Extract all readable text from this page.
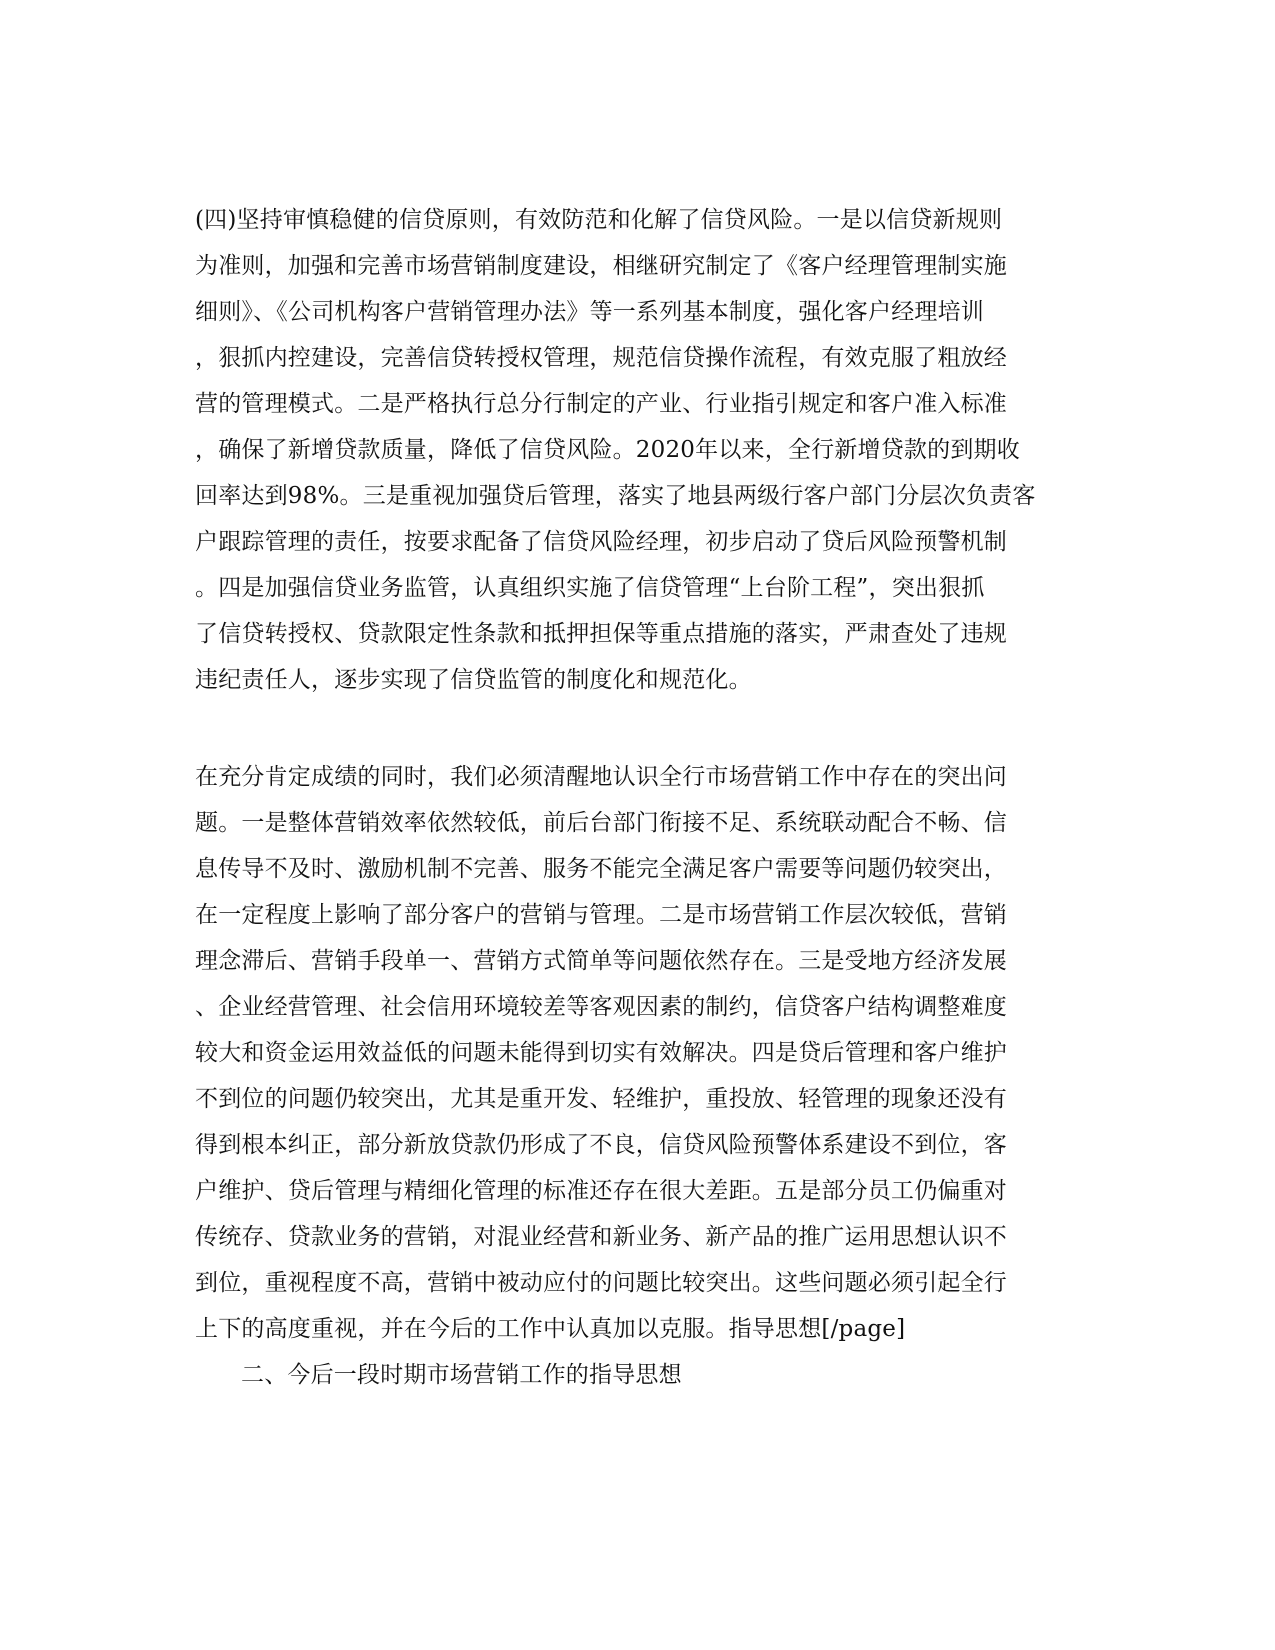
(四)坚持审慎稳健的信贷原则，有效防范和化解了信贷风险。一是以信贷新规则
为准则，加强和完善市场营销制度建设，相继研究制定了《客户经理管理制实施
细则》、《公司机构客户营销管理办法》等一系列基本制度，强化客户经理培训
，狠抓内控建设，完善信贷转授权管理，规范信贷操作流程，有效克服了粗放经
营的管理模式。二是严格执行总分行制定的产业、行业指引规定和客户准入标准
，确保了新增贷款质量，降低了信贷风险。2020年以来，全行新增贷款的到期收
回率达到98%。三是重视加强贷后管理，落实了地县两级行客户部门分层次负责客
户跟踪管理的责任，按要求配备了信贷风险经理，初步启动了贷后风险预警机制
。四是加强信贷业务监管，认真组织实施了信贷管理“上台阶工程”，突出狠抓
了信贷转授权、贷款限定性条款和抵押担保等重点措施的落实，严肃查处了违规
违纪责任人，逐步实现了信贷监管的制度化和规范化。
在充分肯定成绩的同时，我们必须清醒地认识全行市场营销工作中存在的突出问
题。一是整体营销效率依然较低，前后台部门衔接不足、系统联动配合不畅、信
息传导不及时、激励机制不完善、服务不能完全满足客户需要等问题仍较突出，
在一定程度上影响了部分客户的营销与管理。二是市场营销工作层次较低，营销
理念滞后、营销手段单一、营销方式简单等问题依然存在。三是受地方经济发展
、企业经营管理、社会信用环境较差等客观因素的制约，信贷客户结构调整难度
较大和资金运用效益低的问题未能得到切实有效解决。四是贷后管理和客户维护
不到位的问题仍较突出，尤其是重开发、轻维护，重投放、轻管理的现象还没有
得到根本纠正，部分新放贷款仍形成了不良，信贷风险预警体系建设不到位，客
户维护、贷后管理与精细化管理的标准还存在很大差距。五是部分员工仍偏重对
传统存、贷款业务的营销，对混业经营和新业务、新产品的推广运用思想认识不
到位，重视程度不高，营销中被动应付的问题比较突出。这些问题必须引起全行
上下的高度重视，并在今后的工作中认真加以克服。指导思想[/page]
二、今后一段时期市场营销工作的指导思想
